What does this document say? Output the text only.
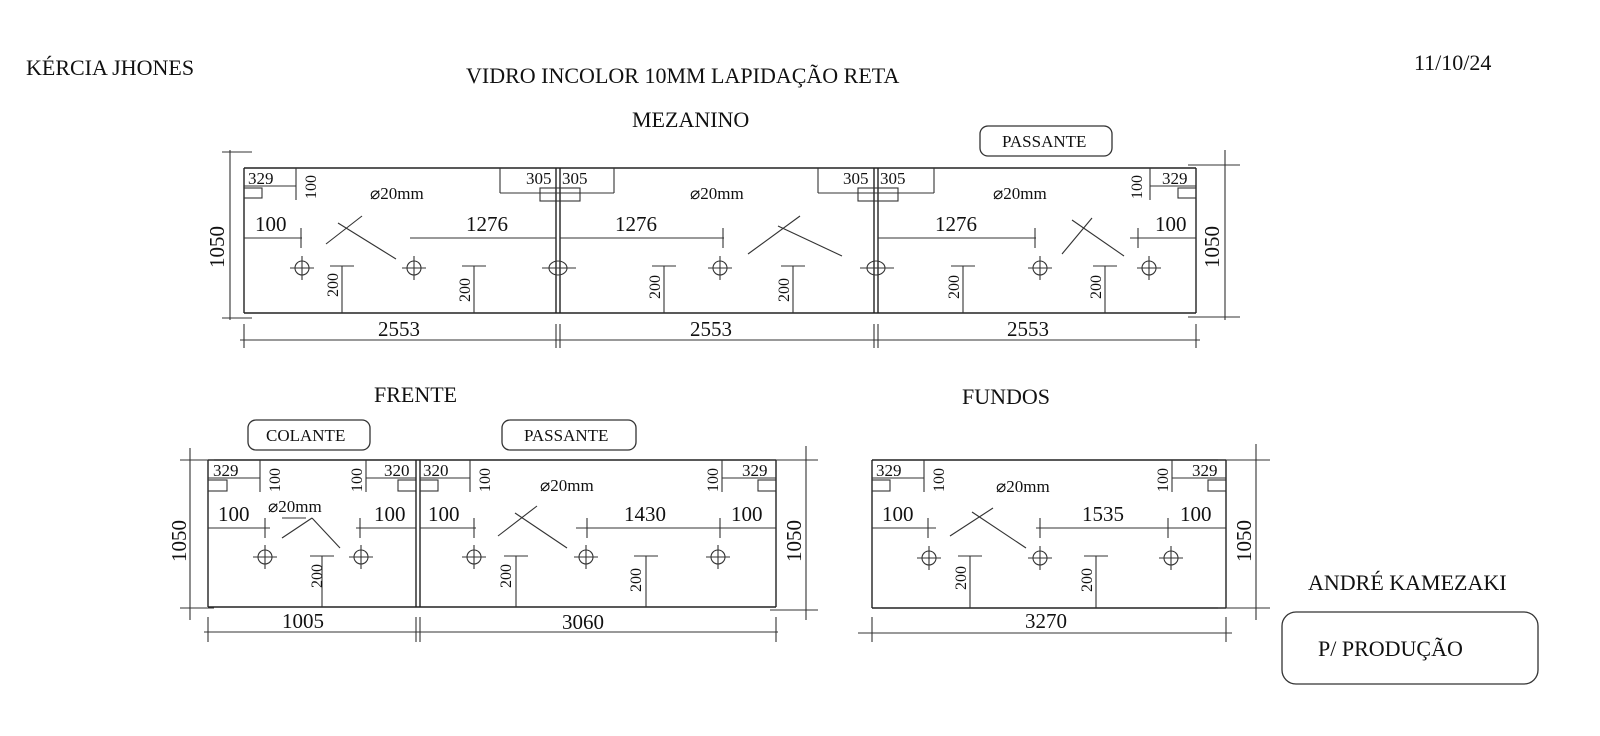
KÉRCIA JHONES	VIDRO INCOLOR 10MM LAPIDAÇÃO RETA
11/10/24
MEZANINO
PASSANTE
1050	1050
2553	2553	2553
329 100	329
100
305 305	305 305
⌀20mm	⌀20mm	⌀20mm
100	1276	1276	1276	100
200	200	200	200	200	200
FRENTE
COLANTE	PASSANTE
1050	1050
1005	3060
329 100	320
100	320 100	329
100
⌀20mm
⌀20mm
100	100 100	1430	100
200	200	200
FUNDOS
1050
3270
329 100	329
100
⌀20mm
100	1535	100
200	200	ANDRÉ KAMEZAKI
P/ PRODUÇÃO
